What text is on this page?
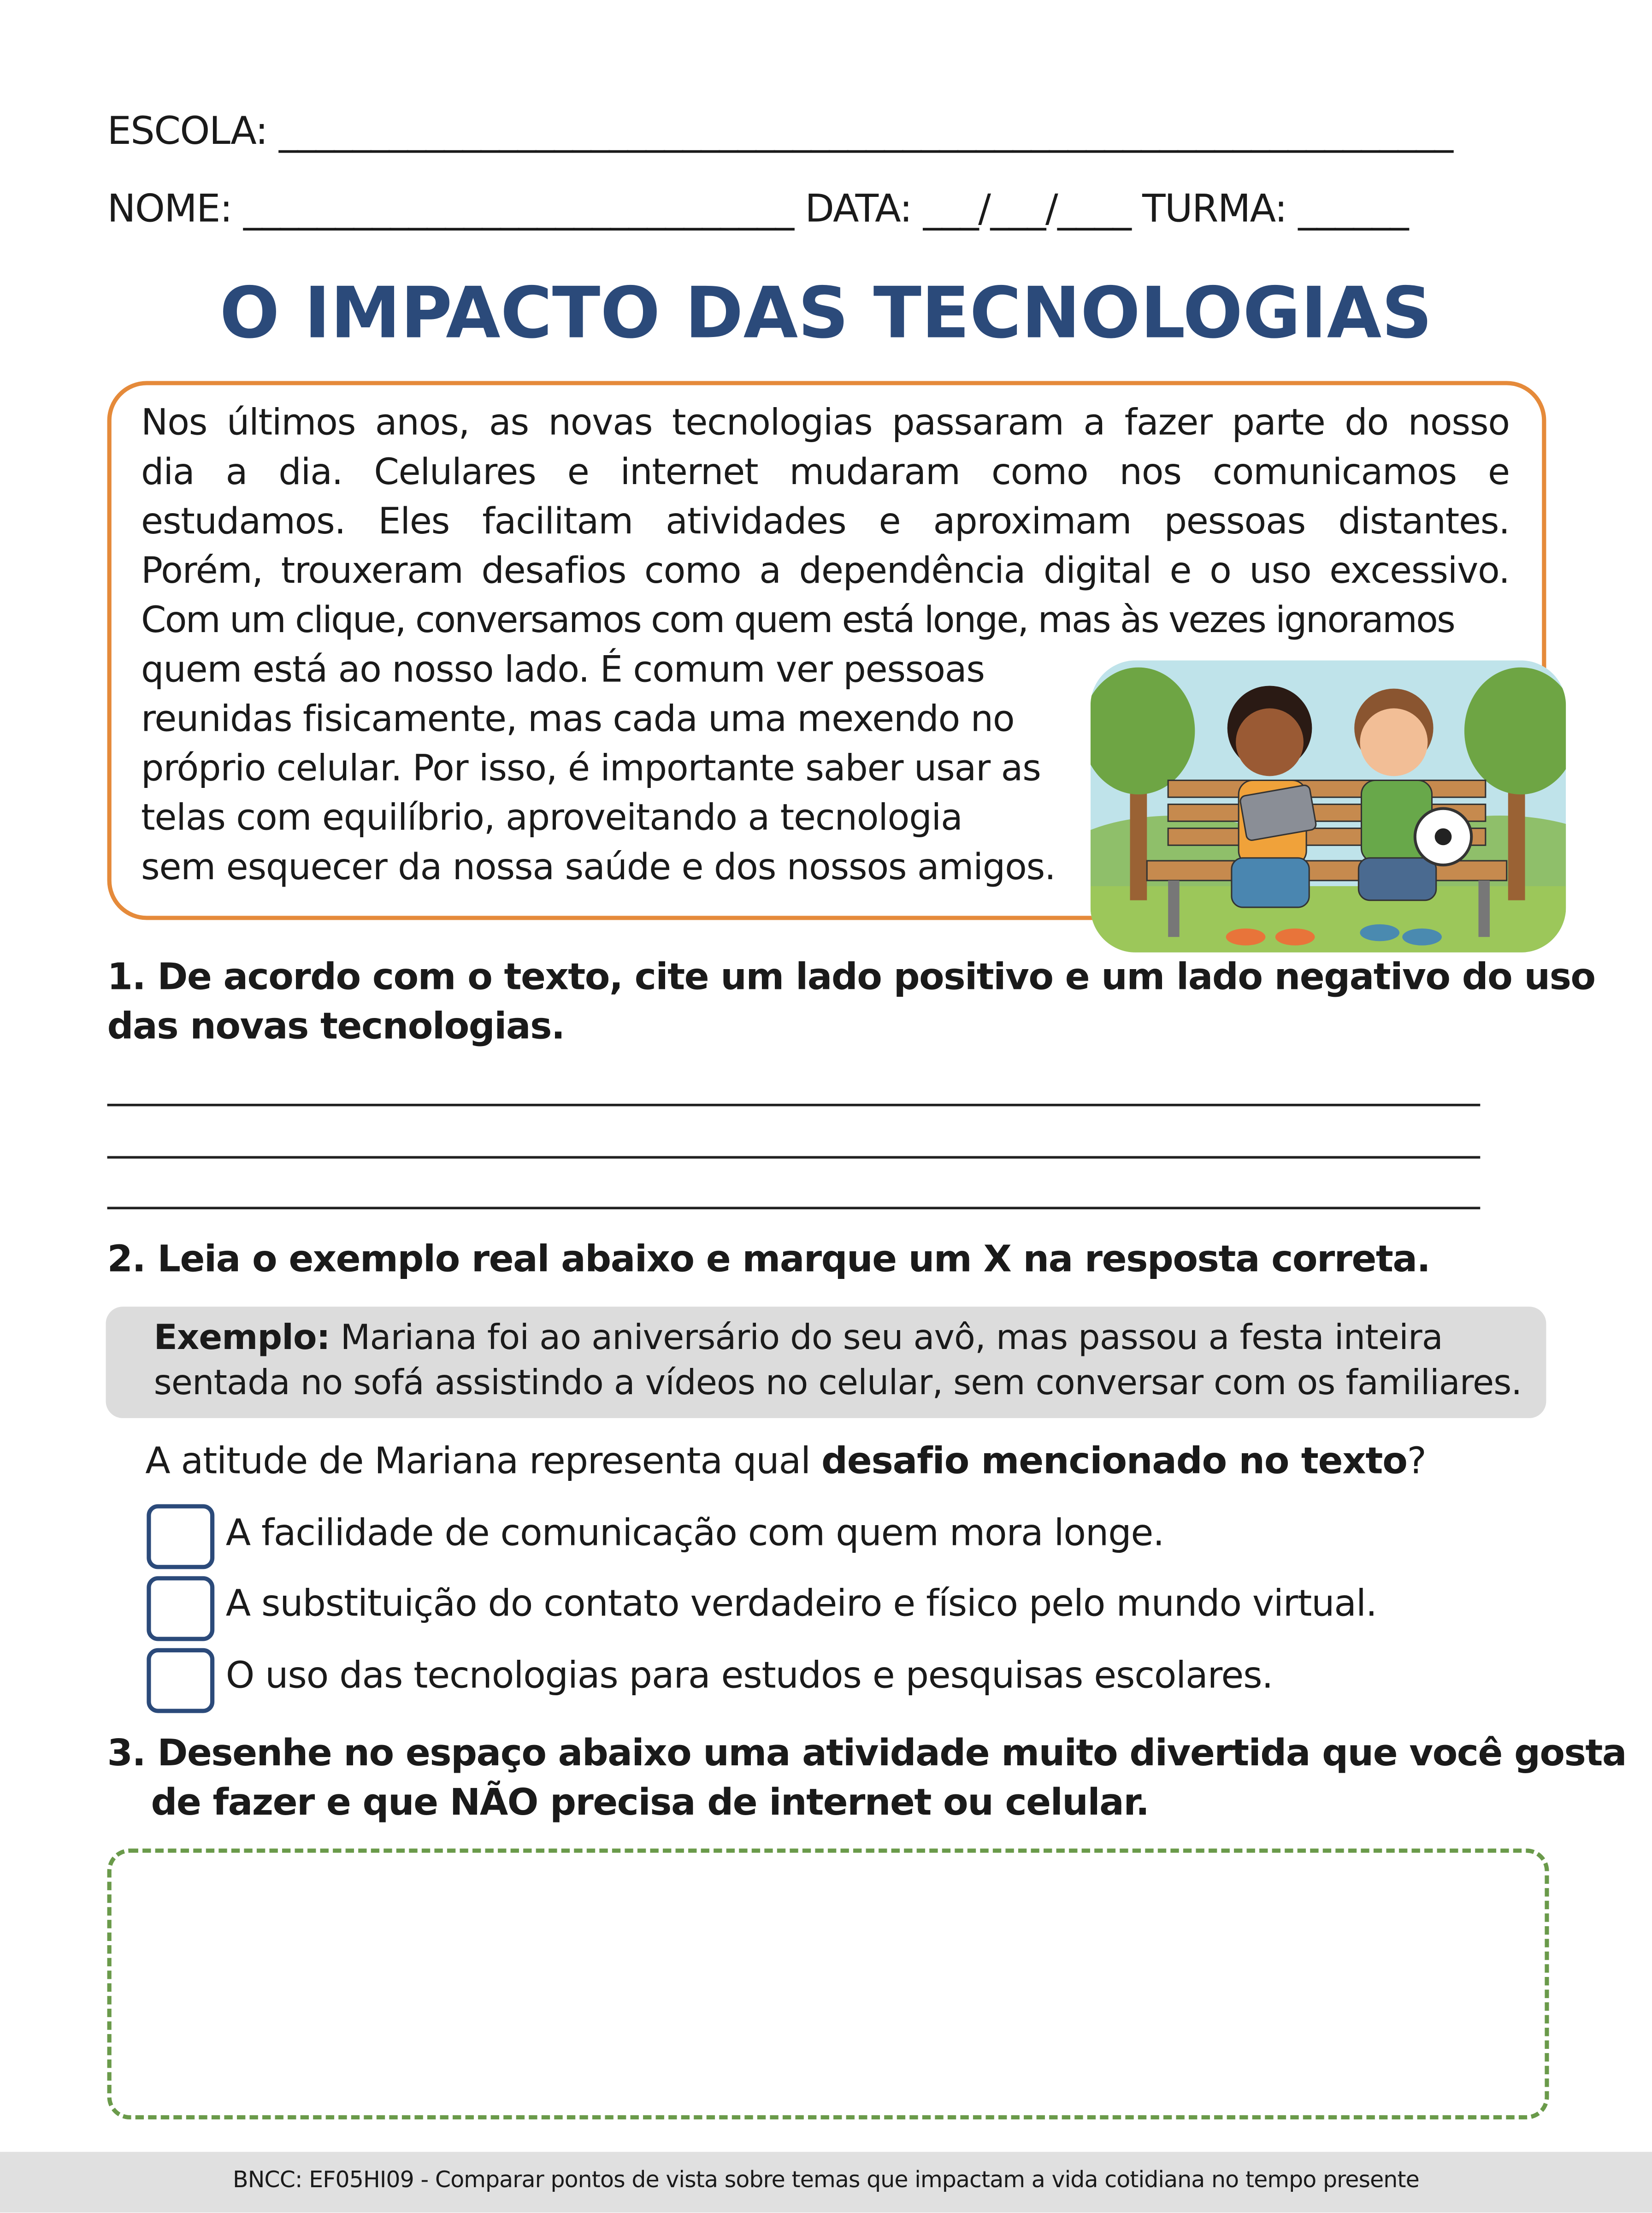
ESCOLA: ________________________________________________________________
NOME: ______________________________ DATA: ___/___/____ TURMA: ______
O IMPACTO DAS TECNOLOGIAS
Nos últimos anos, as novas tecnologias passaram a fazer parte do nosso
dia a dia. Celulares e internet mudaram como nos comunicamos e
estudamos. Eles facilitam atividades e aproximam pessoas distantes.
Porém, trouxeram desafios como a dependência digital e o uso excessivo.
Com um clique, conversamos com quem está longe, mas às vezes ignoramos
quem está ao nosso lado. É comum ver pessoas
reunidas fisicamente, mas cada uma mexendo no
próprio celular. Por isso, é importante saber usar as
telas com equilíbrio, aproveitando a tecnologia
sem esquecer da nossa saúde e dos nossos amigos.
1. De acordo com o texto, cite um lado positivo e um lado negativo do uso
das novas tecnologias.
_________________________________________________________________________________
_________________________________________________________________________________
_________________________________________________________________________________
2. Leia o exemplo real abaixo e marque um X na resposta correta.
Exemplo: Mariana foi ao aniversário do seu avô, mas passou a festa inteira
sentada no sofá assistindo a vídeos no celular, sem conversar com os familiares.
A atitude de Mariana representa qual desafio mencionado no texto?
A facilidade de comunicação com quem mora longe.
A substituição do contato verdadeiro e físico pelo mundo virtual.
O uso das tecnologias para estudos e pesquisas escolares.
3. Desenhe no espaço abaixo uma atividade muito divertida que você gosta
de fazer e que NÃO precisa de internet ou celular.
BNCC: EF05HI09 - Comparar pontos de vista sobre temas que impactam a vida cotidiana no tempo presente
